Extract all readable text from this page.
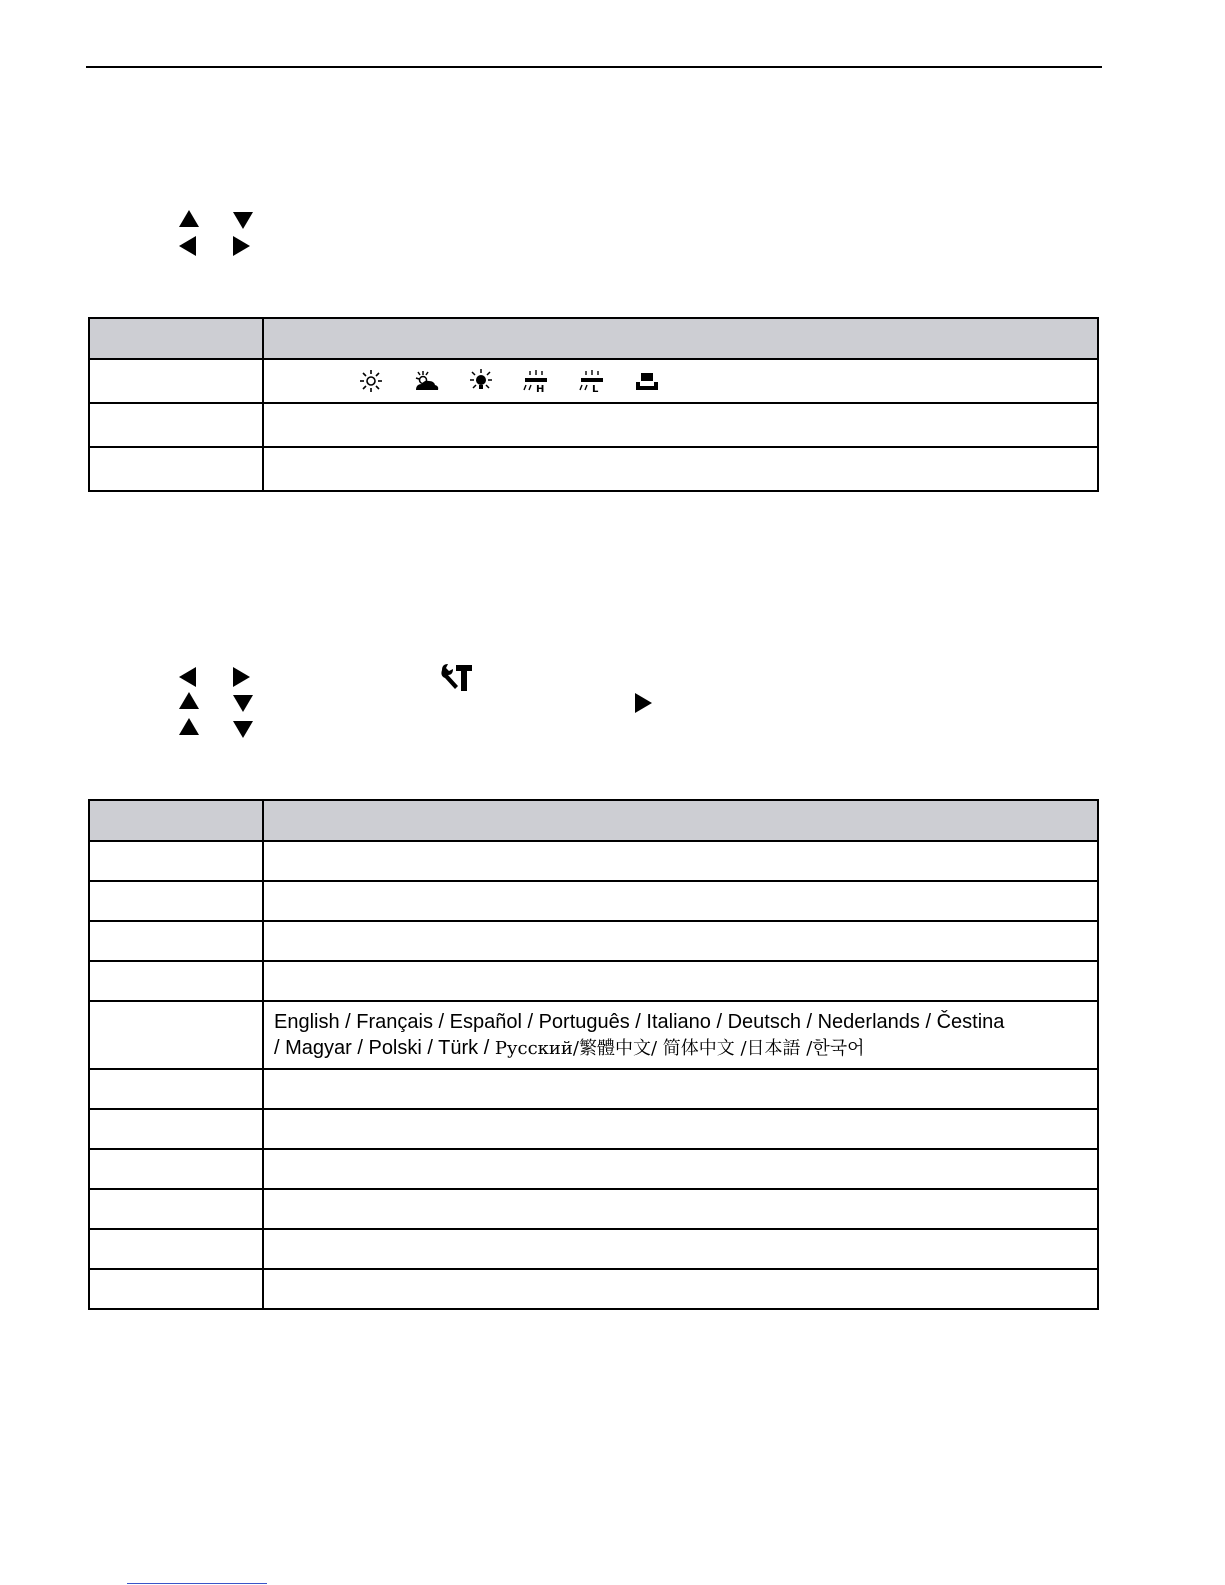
H L

	English / Français / Español / Português / Italiano / Deutsch / Nederlands / Čestina
/ Magyar / Polski / Türk / Русский/繁體中文/ 简体中文 /日本語 /한국어
